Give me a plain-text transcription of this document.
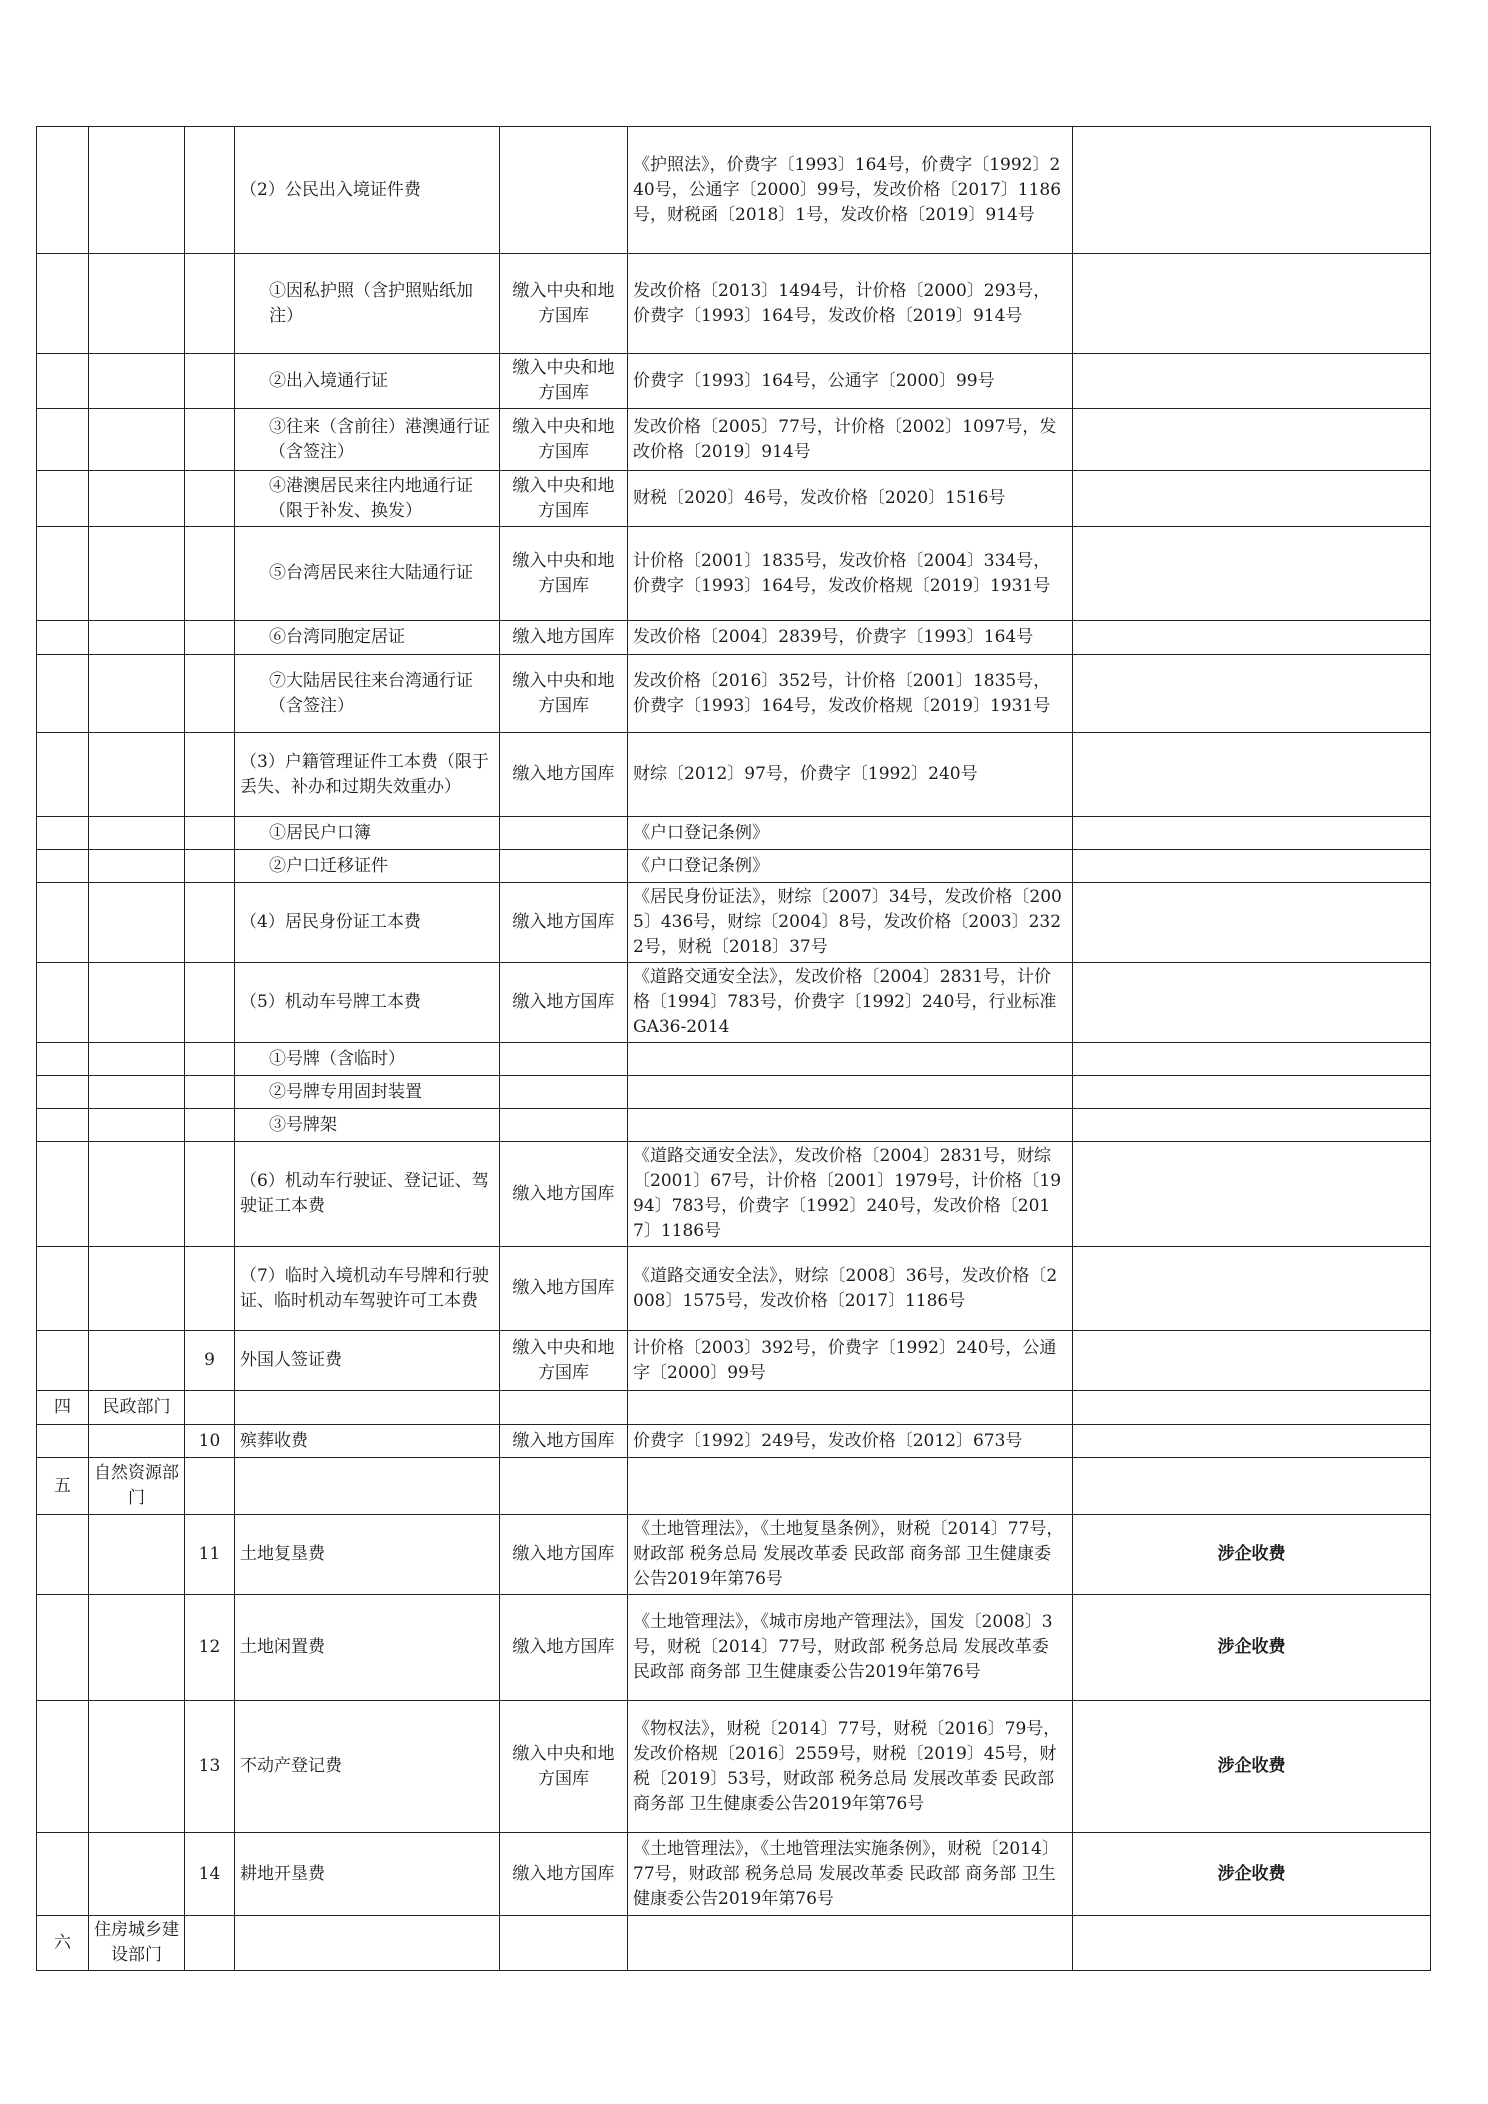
			（2）公民出入境证件费		《护照法》，价费字〔1993〕164号，价费字〔1992〕240号，公通字〔2000〕99号，发改价格〔2017〕1186号，财税函〔2018〕1号，发改价格〔2019〕914号	
			①因私护照（含护照贴纸加注）	缴入中央和地方国库	发改价格〔2013〕1494号，计价格〔2000〕293号，价费字〔1993〕164号，发改价格〔2019〕914号	
			②出入境通行证	缴入中央和地方国库	价费字〔1993〕164号，公通字〔2000〕99号	
			③往来（含前往）港澳通行证（含签注）	缴入中央和地方国库	发改价格〔2005〕77号，计价格〔2002〕1097号，发改价格〔2019〕914号	
			④港澳居民来往内地通行证（限于补发、换发）	缴入中央和地方国库	财税〔2020〕46号，发改价格〔2020〕1516号	
			⑤台湾居民来往大陆通行证	缴入中央和地方国库	计价格〔2001〕1835号，发改价格〔2004〕334号，价费字〔1993〕164号，发改价格规〔2019〕1931号	
			⑥台湾同胞定居证	缴入地方国库	发改价格〔2004〕2839号，价费字〔1993〕164号	
			⑦大陆居民往来台湾通行证（含签注）	缴入中央和地方国库	发改价格〔2016〕352号，计价格〔2001〕1835号，价费字〔1993〕164号，发改价格规〔2019〕1931号	
			（3）户籍管理证件工本费（限于丢失、补办和过期失效重办）	缴入地方国库	财综〔2012〕97号，价费字〔1992〕240号	
			①居民户口簿		《户口登记条例》	
			②户口迁移证件		《户口登记条例》	
			（4）居民身份证工本费	缴入地方国库	《居民身份证法》，财综〔2007〕34号，发改价格〔2005〕436号，财综〔2004〕8号，发改价格〔2003〕2322号，财税〔2018〕37号	
			（5）机动车号牌工本费	缴入地方国库	《道路交通安全法》，发改价格〔2004〕2831号，计价格〔1994〕783号，价费字〔1992〕240号，行业标准GA36-2014	
			①号牌（含临时）			
			②号牌专用固封装置			
			③号牌架			
			（6）机动车行驶证、登记证、驾驶证工本费	缴入地方国库	《道路交通安全法》，发改价格〔2004〕2831号，财综〔2001〕67号，计价格〔2001〕1979号，计价格〔1994〕783号，价费字〔1992〕240号，发改价格〔2017〕1186号	
			（7）临时入境机动车号牌和行驶证、临时机动车驾驶许可工本费	缴入地方国库	《道路交通安全法》，财综〔2008〕36号，发改价格〔2008〕1575号，发改价格〔2017〕1186号	
		9	外国人签证费	缴入中央和地方国库	计价格〔2003〕392号，价费字〔1992〕240号，公通字〔2000〕99号	
四	民政部门					
		10	殡葬收费	缴入地方国库	价费字〔1992〕249号，发改价格〔2012〕673号	
五	自然资源部门					
		11	土地复垦费	缴入地方国库	《土地管理法》，《土地复垦条例》，财税〔2014〕77号，财政部 税务总局 发展改革委 民政部 商务部 卫生健康委公告2019年第76号	涉企收费
		12	土地闲置费	缴入地方国库	《土地管理法》，《城市房地产管理法》，国发〔2008〕3号，财税〔2014〕77号，财政部 税务总局 发展改革委 民政部 商务部 卫生健康委公告2019年第76号	涉企收费
		13	不动产登记费	缴入中央和地方国库	《物权法》，财税〔2014〕77号，财税〔2016〕79号，发改价格规〔2016〕2559号，财税〔2019〕45号，财税〔2019〕53号，财政部 税务总局 发展改革委 民政部 商务部 卫生健康委公告2019年第76号	涉企收费
		14	耕地开垦费	缴入地方国库	《土地管理法》，《土地管理法实施条例》，财税〔2014〕77号，财政部 税务总局 发展改革委 民政部 商务部 卫生健康委公告2019年第76号	涉企收费
六	住房城乡建设部门					
